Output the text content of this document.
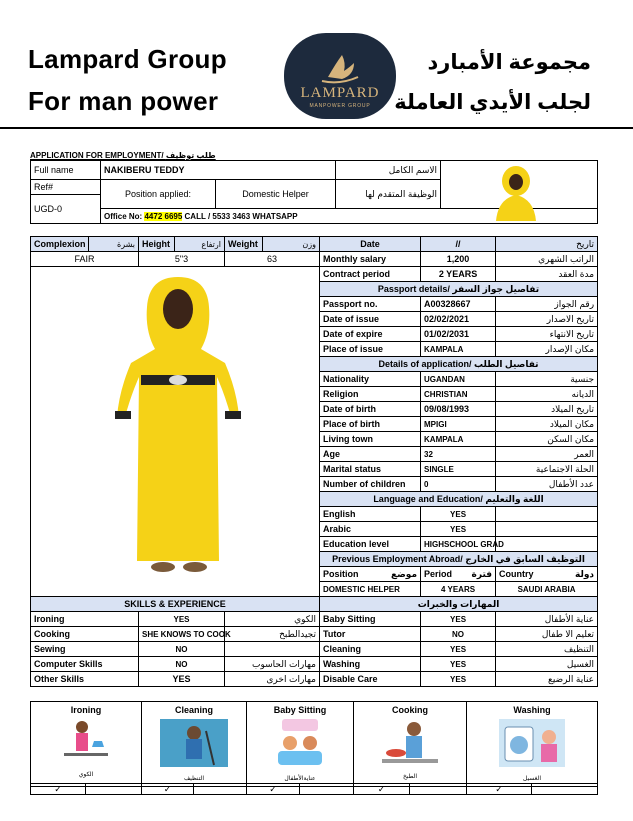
Lampard Group
For man power	LAMPARD
MANPOWER GROUP
مجموعة الأمبارد
لجلب الأيدي العاملة
APPLICATION FOR EMPLOYMENT/ طلب توظيف
Full name	NAKIBERU TEDDY		الاسم الكامل	

Ref#	Position applied:	Domestic Helper	الوظيفة المتقدم لها	
UGD-0				
	Office No: 4472 6695 CALL / 5533 3463 WHATSAPP			
Complexion	بشرة	Height	ارتفاع	Weight	وزن	Date	//	تاريخ
FAIR		5"3		63		Monthly salary	1,200	الراتب الشهري

	Contract period	2 YEARS	مدة العقد
						Passport details/ تفاصيل جواز السفر		
						Passport no.	A00328667	رقم الجواز
						Date of issue	02/02/2021	تاريخ الاصدار
						Date of expire	01/02/2031	تاريخ الانتهاء
						Place of issue	KAMPALA	مكان الإصدار
						Details of application/ تفاصيل الطلب		
						Nationality	UGANDAN	جنسية
						Religion	CHRISTIAN	الديانه
						Date of birth	09/08/1993	تاريخ الميلاد
						Place of birth	MPIGI	مكان الميلاد
						Living town	KAMPALA	مكان السكن
						Age	32	العمر
						Marital status	SINGLE	الحلة الاجتماعية
						Number of children	0	عدد الأطفال
						Language and Education/ اللغة والتعليم		
						English	YES	
						Arabic	YES	
						Education level	HIGHSCHOOL GRAD	
						Previous Employment Abroad/ التوظيف السابق في الخارج		
						Position موضع	Period فترة	Country دولة

						DOMESTIC HELPER	4 YEARS	SAUDI ARABIA
SKILLS & EXPERIENCE						المهارات والخبرات		
Ironing		YES		الكوي		Baby Sitting	YES	عناية الأطفال
Cooking		SHE KNOWS TO COOK		تجيدالطبخ		Tutor	NO	تعليم الا طفال
Sewing		NO				Cleaning	YES	التنظيف
Computer Skills		NO		مهارات الحاسوب		Washing	YES	الغسيل
Other Skills		YES		مهارات اخرى		Disable Care	YES	عناية الرضيع
Ironing
الكوي

Cleaning
التنظيف

Baby Sitting
عنايةالأطفال

Cooking
الطبخ

Washing
الغسيل
✓		✓		✓		✓		✓	
